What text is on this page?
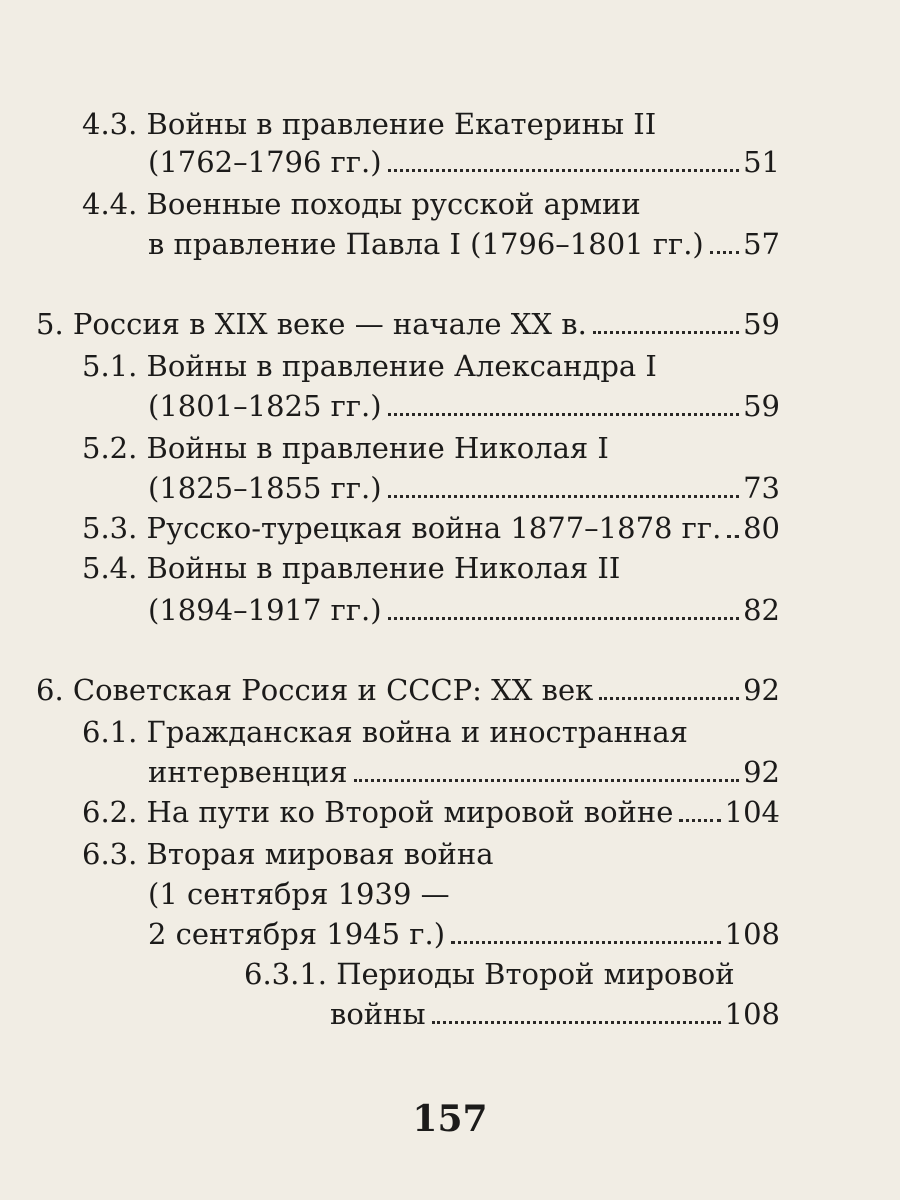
4.3. Войны в правление Екатерины II
(1762–1796 гг.)	51
4.4. Военные походы русской армии
в правление Павла I (1796–1801 гг.) 57
5. Россия в XIX веке — начале XX в.	59
5.1. Войны в правление Александра I
(1801–1825 гг.)	59
5.2. Войны в правление Николая I
(1825–1855 гг.)	73
5.3. Русско-турецкая война 1877–1878 гг. 80
5.4. Войны в правление Николая II
(1894–1917 гг.)	82
6. Советская Россия и СССР: XX век	92
6.1. Гражданская война и иностранная
интервенция	92
6.2. На пути ко Второй мировой войне 104
6.3. Вторая мировая война
(1 сентября 1939 —
2 сентября 1945 г.)	108
6.3.1. Периоды Второй мировой
войны	108
157
